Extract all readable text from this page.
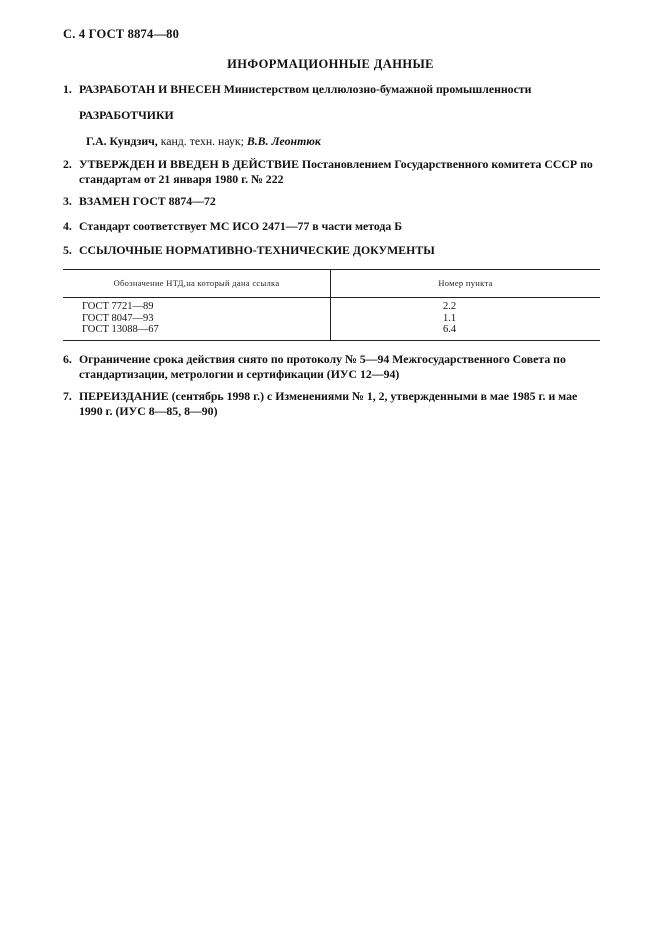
С. 4 ГОСТ 8874—80
ИНФОРМАЦИОННЫЕ ДАННЫЕ
1. РАЗРАБОТАН И ВНЕСЕН Министерством целлюлозно-бумажной промышленности
РАЗРАБОТЧИКИ
Г.А. Кундзич, канд. техн. наук; В.В. Леонтюк
2. УТВЕРЖДЕН И ВВЕДЕН В ДЕЙСТВИЕ Постановлением Государственного комитета СССР по
стандартам от 21 января 1980 г. № 222
3. ВЗАМЕН ГОСТ 8874—72
4. Стандарт соответствует МС ИСО 2471—77 в части метода Б
5. ССЫЛОЧНЫЕ НОРМАТИВНО-ТЕХНИЧЕСКИЕ ДОКУМЕНТЫ
Обозначение НТД,на который дана ссылка	Номер пункта
ГОСТ 7721—89
ГОСТ 8047—93
ГОСТ 13088—67
2.2
1.1
6.4
6. Ограничение срока действия снято по протоколу № 5—94 Межгосударственного Совета по
стандартизации, метрологии и сертификации (ИУС 12—94)
7. ПЕРЕИЗДАНИЕ (сентябрь 1998 г.) с Изменениями № 1, 2, утвержденными в мае 1985 г. и мае
1990 г. (ИУС 8—85, 8—90)
